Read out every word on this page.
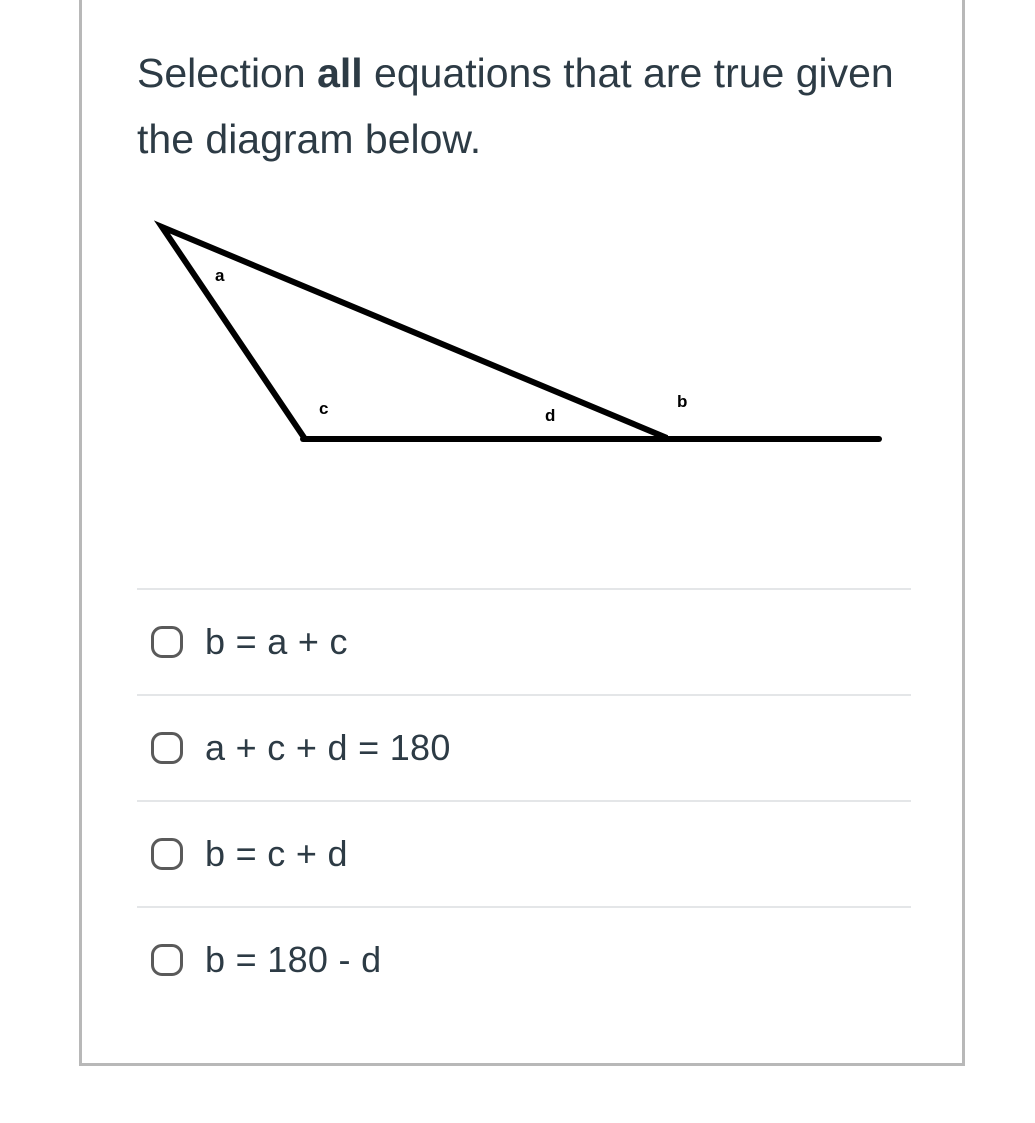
Selection all equations that are true given the diagram below.

a
c	d
b
b = a + c
a + c + d = 180
b = c + d
b = 180 - d
